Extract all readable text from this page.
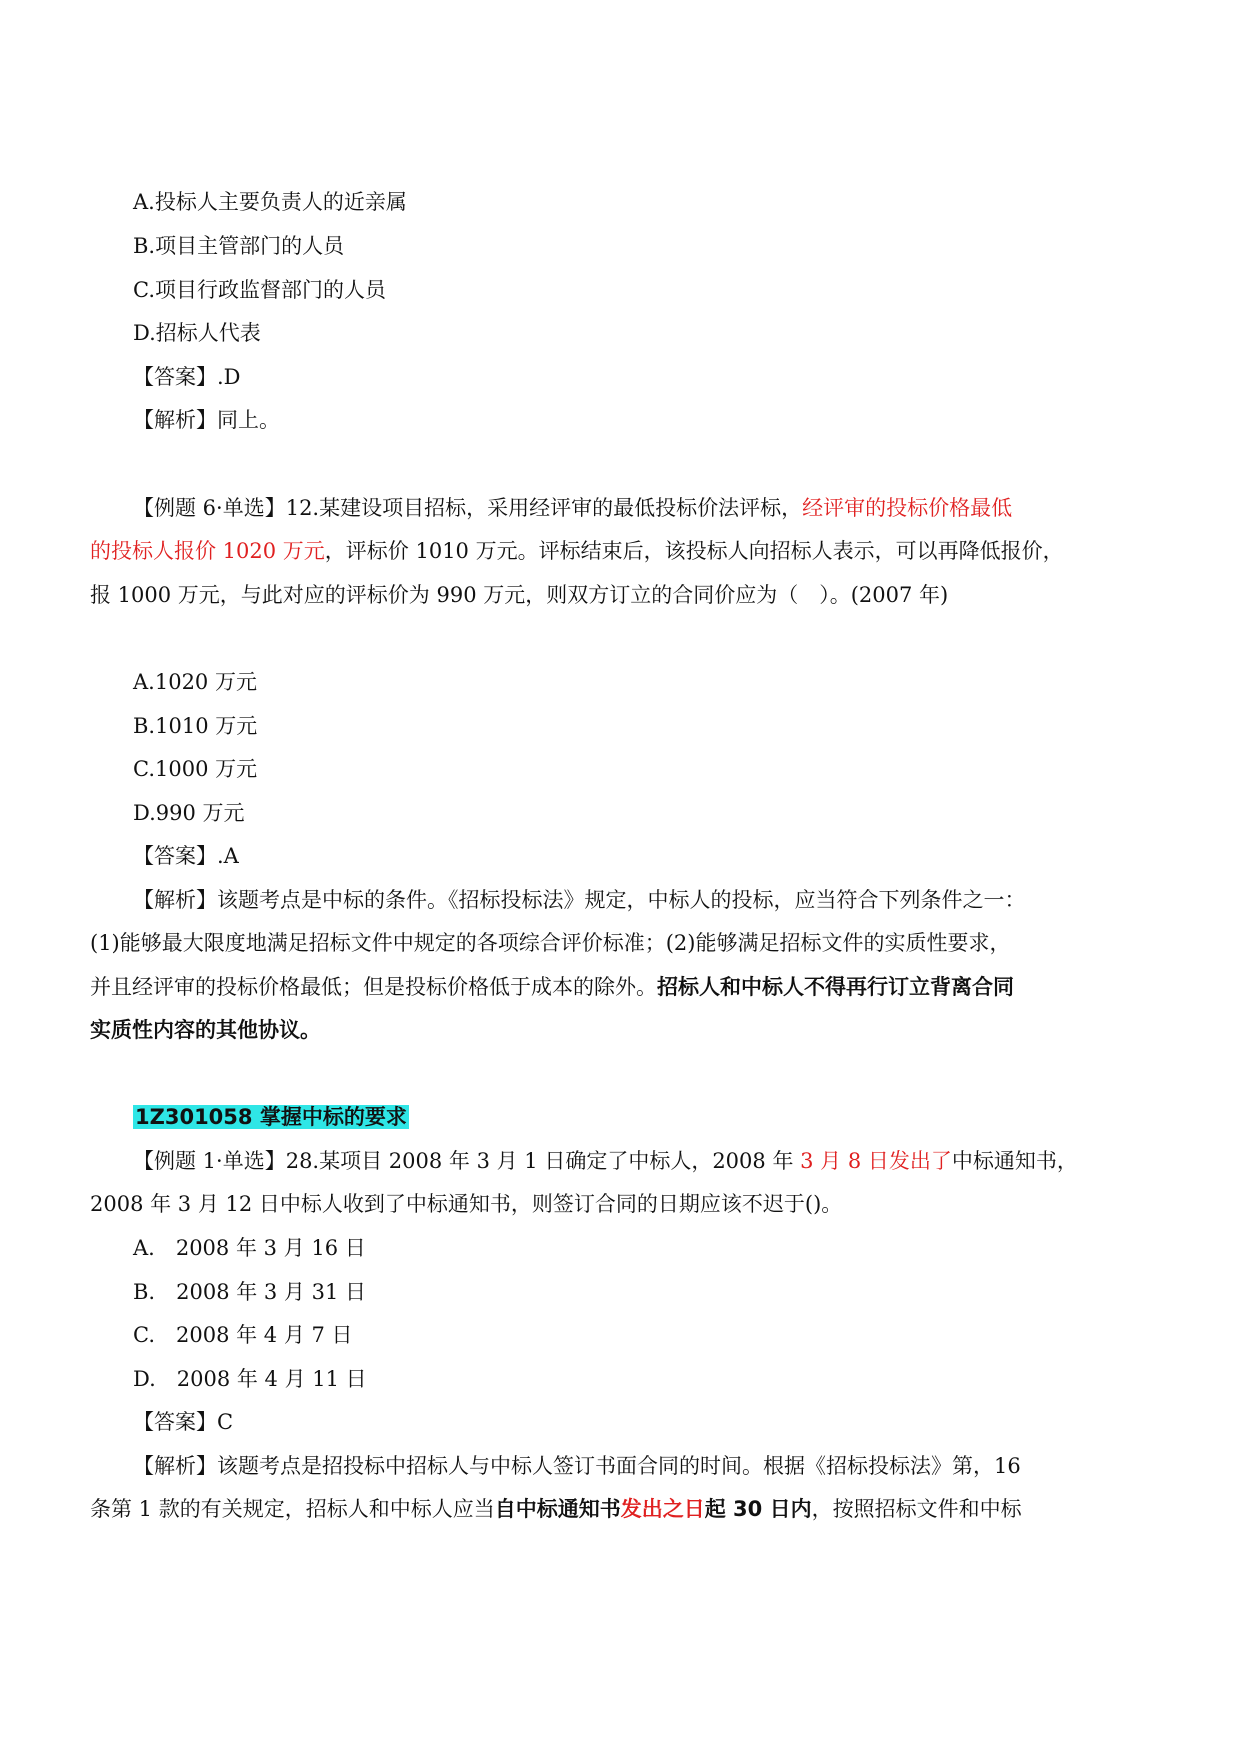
A.投标人主要负责人的近亲属
B.项目主管部门的人员
C.项目行政监督部门的人员
D.招标人代表
【答案】.D
【解析】同上。
【例题 6·单选】12.某建设项目招标，采用经评审的最低投标价法评标，经评审的投标价格最低
的投标人报价 1020 万元，评标价 1010 万元。评标结束后，该投标人向招标人表示，可以再降低报价，
报 1000 万元，与此对应的评标价为 990 万元，则双方订立的合同价应为（　）。(2007 年)
A.1020 万元
B.1010 万元
C.1000 万元
D.990 万元
【答案】.A
【解析】该题考点是中标的条件。《招标投标法》规定，中标人的投标，应当符合下列条件之一：
(1)能够最大限度地满足招标文件中规定的各项综合评价标准；(2)能够满足招标文件的实质性要求，
并且经评审的投标价格最低；但是投标价格低于成本的除外。招标人和中标人不得再行订立背离合同
实质性内容的其他协议。
1Z301058 掌握中标的要求
【例题 1·单选】28.某项目 2008 年 3 月 1 日确定了中标人，2008 年 3 月 8 日发出了中标通知书，
2008 年 3 月 12 日中标人收到了中标通知书，则签订合同的日期应该不迟于()。
A.　2008 年 3 月 16 日
B.　2008 年 3 月 31 日
C.　2008 年 4 月 7 日
D.　2008 年 4 月 11 日
【答案】C
【解析】该题考点是招投标中招标人与中标人签订书面合同的时间。根据《招标投标法》第，16
条第 1 款的有关规定，招标人和中标人应当自中标通知书发出之日起 30 日内，按照招标文件和中标
